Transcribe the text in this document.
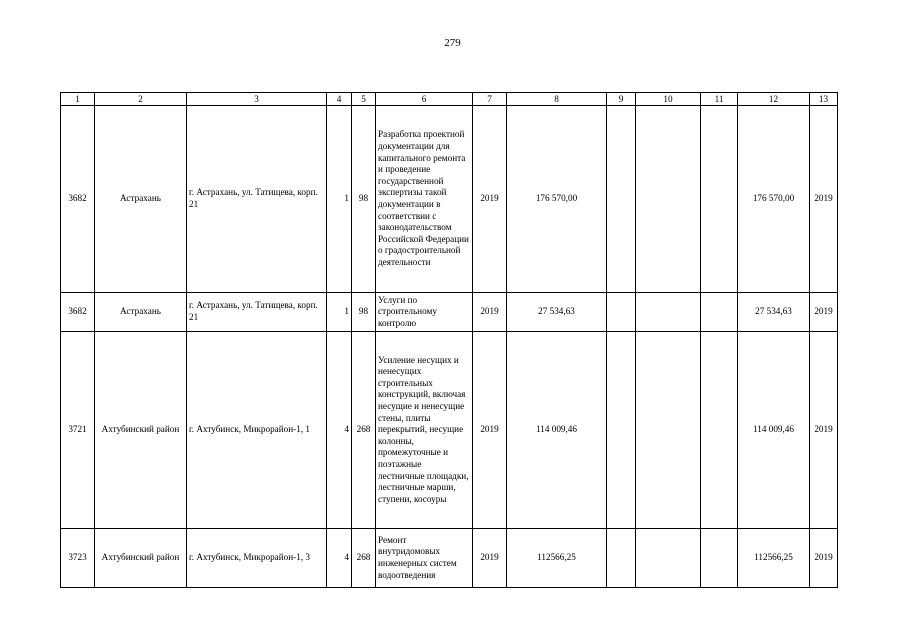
279
1	2	3	4	5	6	7	8	9	10	11	12	13
3682	Астрахань	г. Астрахань, ул. Татищева, корп. 21	1	98	Разработка проектной документации для капитального ремонта и проведение государственной экспертизы такой документации в соответствии с законодательством Российской Федерации о градостроительной деятельности	2019	176 570,00				176 570,00	2019
3682	Астрахань	г. Астрахань, ул. Татищева, корп. 21	1	98	Услуги по строительному контролю	2019	27 534,63				27 534,63	2019
3721	Ахтубинский район	г. Ахтубинск, Микрорайон-1, 1	4	268	Усиление несущих и ненесущих строительных конструкций, включая несущие и ненесущие стены, плиты перекрытий, несущие колонны, промежуточные и поэтажные лестничные площадки, лестничные марши, ступени, косоуры	2019	114 009,46				114 009,46	2019
3723	Ахтубинский район	г. Ахтубинск, Микрорайон-1, 3	4	268	Ремонт внутридомовых инженерных систем водоотведения	2019	112566,25				112566,25	2019
